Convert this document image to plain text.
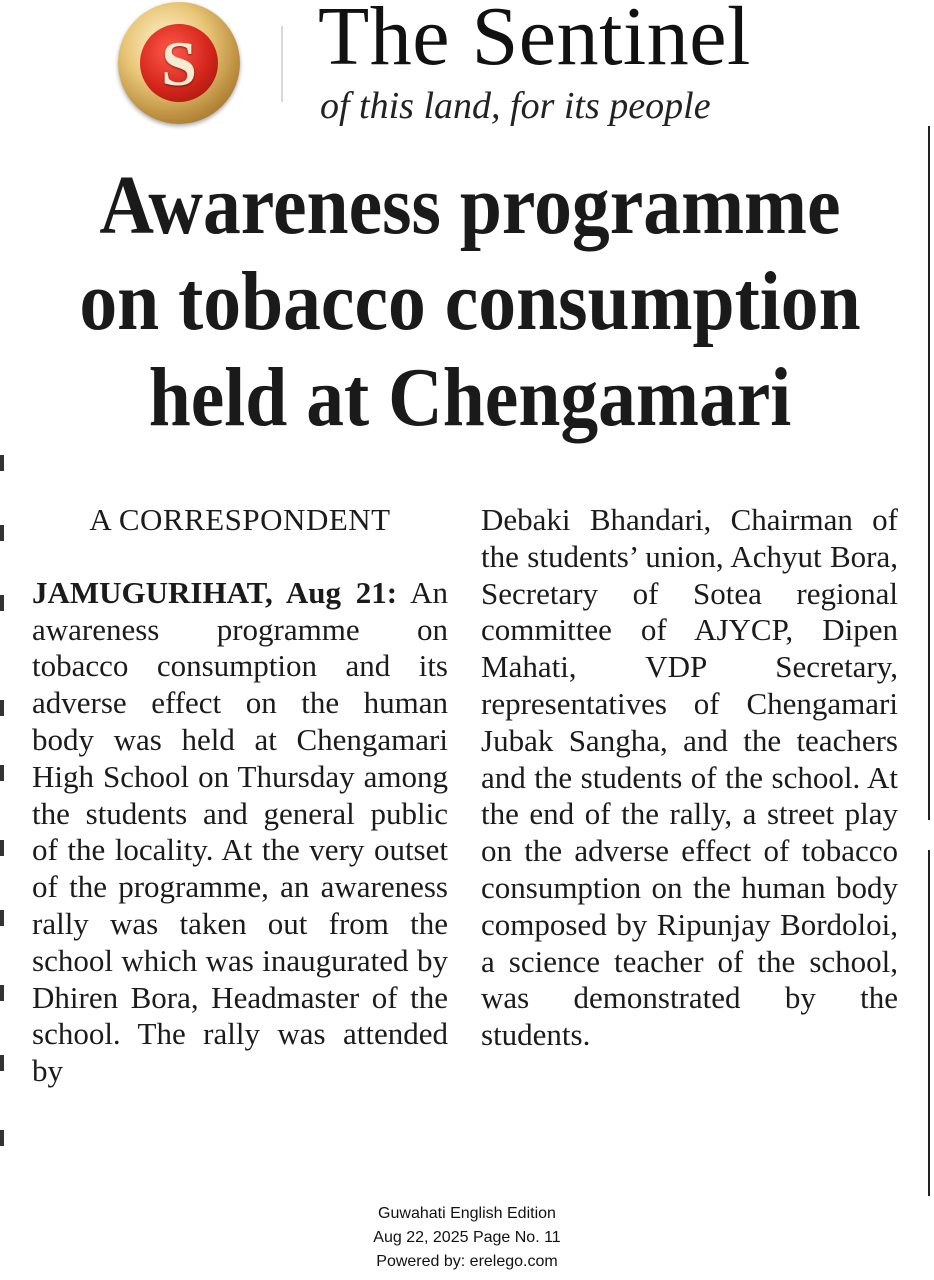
S The Sentinel
of this land, for its people
Awareness programme
on tobacco consumption
held at Chengamari
A CORRESPONDENT

JAMUGURIHAT, Aug 21: An awareness programme on tobacco consumption and its adverse effect on the human body was held at Chengamari High School on Thursday among the students and general public of the locality. At the very outset of the programme, an awareness rally was taken out from the school which was inaugurated by Dhiren Bora, Headmaster of the school. The rally was attended by

Debaki Bhandari, Chairman of the students’ union, Achyut Bora, Secretary of Sotea regional committee of AJYCP, Dipen Mahati, VDP Secretary, representatives of Chengamari Jubak Sangha, and the teachers and the students of the school. At the end of the rally, a street play on the adverse effect of tobacco consumption on the human body composed by Ripunjay Bordoloi, a science teacher of the school, was demonstrated by the students.

Guwahati English Edition
Aug 22, 2025 Page No. 11
Powered by: erelego.com
